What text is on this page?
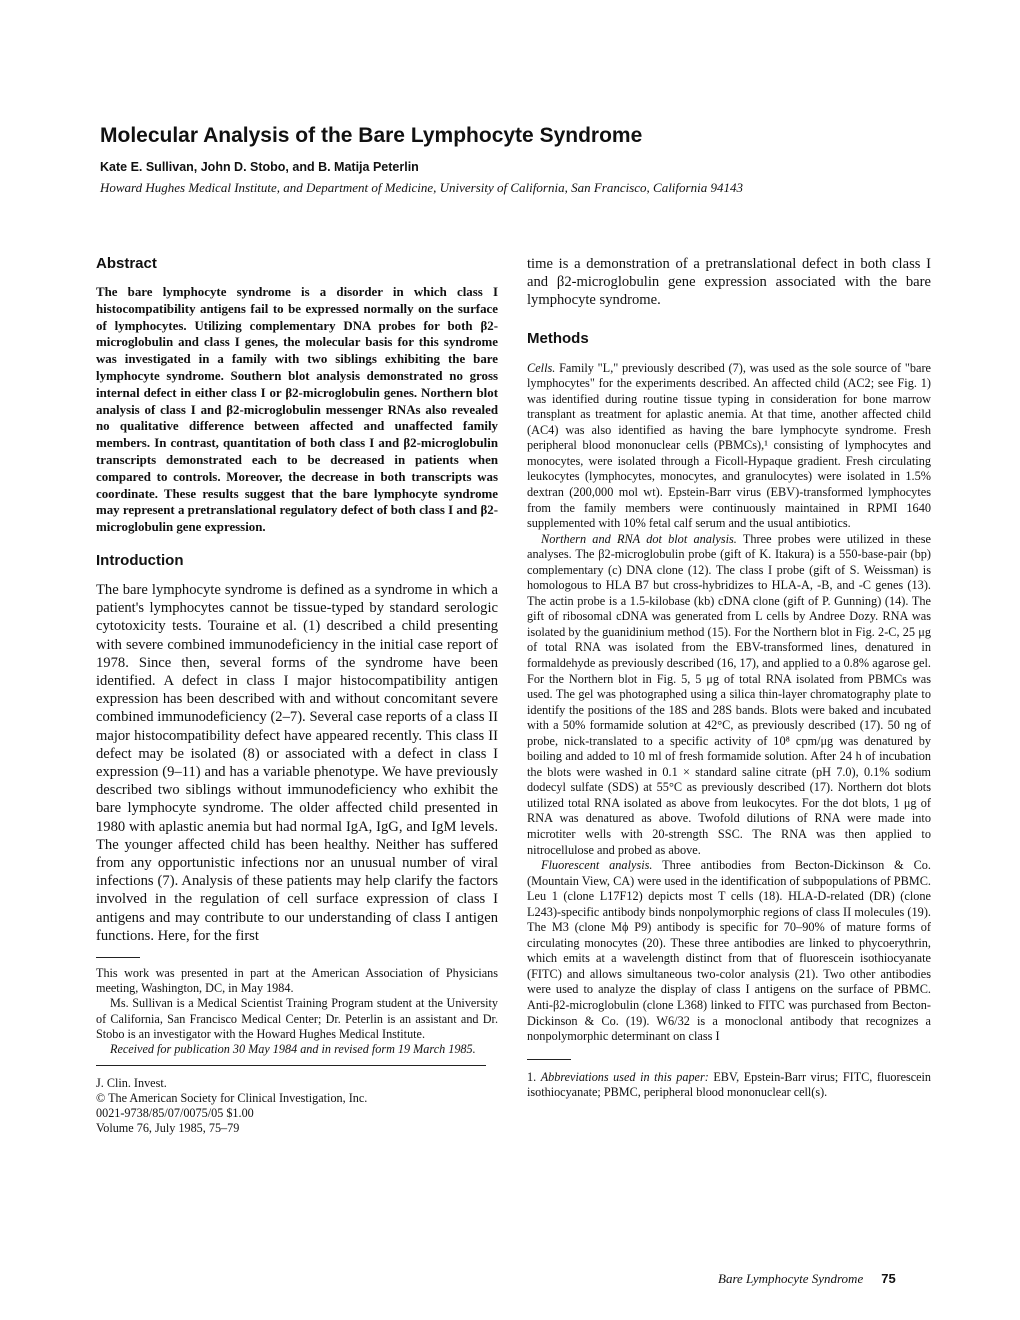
Molecular Analysis of the Bare Lymphocyte Syndrome
Kate E. Sullivan, John D. Stobo, and B. Matija Peterlin
Howard Hughes Medical Institute, and Department of Medicine, University of California, San Francisco, California 94143
Abstract

The bare lymphocyte syndrome is a disorder in which class I histocompatibility antigens fail to be expressed normally on the surface of lymphocytes. Utilizing complementary DNA probes for both β2-microglobulin and class I genes, the molecular basis for this syndrome was investigated in a family with two siblings exhibiting the bare lymphocyte syndrome. Southern blot analysis demonstrated no gross internal defect in either class I or β2-microglobulin genes. Northern blot analysis of class I and β2-microglobulin messenger RNAs also revealed no qualitative difference between affected and unaffected family members. In contrast, quantitation of both class I and β2-microglobulin transcripts demonstrated each to be decreased in patients when compared to controls. Moreover, the decrease in both transcripts was coordinate. These results suggest that the bare lymphocyte syndrome may represent a pretranslational regulatory defect of both class I and β2-microglobulin gene expression.

Introduction

The bare lymphocyte syndrome is defined as a syndrome in which a patient's lymphocytes cannot be tissue-typed by standard serologic cytotoxicity tests. Touraine et al. (1) described a child presenting with severe combined immunodeficiency in the initial case report of 1978. Since then, several forms of the syndrome have been identified. A defect in class I major histocompatibility antigen expression has been described with and without concomitant severe combined immunodeficiency (2–7). Several case reports of a class II major histocompatibility defect have appeared recently. This class II defect may be isolated (8) or associated with a defect in class I expression (9–11) and has a variable phenotype. We have previously described two siblings without immunodeficiency who exhibit the bare lymphocyte syndrome. The older affected child presented in 1980 with aplastic anemia but had normal IgA, IgG, and IgM levels. The younger affected child has been healthy. Neither has suffered from any opportunistic infections nor an unusual number of viral infections (7). Analysis of these patients may help clarify the factors involved in the regulation of cell surface expression of class I antigens and may contribute to our understanding of class I antigen functions. Here, for the first

This work was presented in part at the American Association of Physicians meeting, Washington, DC, in May 1984.

Ms. Sullivan is a Medical Scientist Training Program student at the University of California, San Francisco Medical Center; Dr. Peterlin is an assistant and Dr. Stobo is an investigator with the Howard Hughes Medical Institute.

Received for publication 30 May 1984 and in revised form 19 March 1985.

J. Clin. Invest.

© The American Society for Clinical Investigation, Inc.

0021-9738/85/07/0075/05 $1.00

Volume 76, July 1985, 75–79

time is a demonstration of a pretranslational defect in both class I and β2-microglobulin gene expression associated with the bare lymphocyte syndrome.

Methods

Cells. Family "L," previously described (7), was used as the sole source of "bare lymphocytes" for the experiments described. An affected child (AC2; see Fig. 1) was identified during routine tissue typing in consideration for bone marrow transplant as treatment for aplastic anemia. At that time, another affected child (AC4) was also identified as having the bare lymphocyte syndrome. Fresh peripheral blood mononuclear cells (PBMCs),¹ consisting of lymphocytes and monocytes, were isolated through a Ficoll-Hypaque gradient. Fresh circulating leukocytes (lymphocytes, monocytes, and granulocytes) were isolated in 1.5% dextran (200,000 mol wt). Epstein-Barr virus (EBV)-transformed lymphocytes from the family members were continuously maintained in RPMI 1640 supplemented with 10% fetal calf serum and the usual antibiotics.

Northern and RNA dot blot analysis. Three probes were utilized in these analyses. The β2-microglobulin probe (gift of K. Itakura) is a 550-base-pair (bp) complementary (c) DNA clone (12). The class I probe (gift of S. Weissman) is homologous to HLA B7 but cross-hybridizes to HLA-A, -B, and -C genes (13). The actin probe is a 1.5-kilobase (kb) cDNA clone (gift of P. Gunning) (14). The gift of ribosomal cDNA was generated from L cells by Andree Dozy. RNA was isolated by the guanidinium method (15). For the Northern blot in Fig. 2-C, 25 μg of total RNA was isolated from the EBV-transformed lines, denatured in formaldehyde as previously described (16, 17), and applied to a 0.8% agarose gel. For the Northern blot in Fig. 5, 5 μg of total RNA isolated from PBMCs was used. The gel was photographed using a silica thin-layer chromatography plate to identify the positions of the 18S and 28S bands. Blots were baked and incubated with a 50% formamide solution at 42°C, as previously described (17). 50 ng of probe, nick-translated to a specific activity of 10⁸ cpm/μg was denatured by boiling and added to 10 ml of fresh formamide solution. After 24 h of incubation the blots were washed in 0.1 × standard saline citrate (pH 7.0), 0.1% sodium dodecyl sulfate (SDS) at 55°C as previously described (17). Northern dot blots utilized total RNA isolated as above from leukocytes. For the dot blots, 1 μg of RNA was denatured as above. Twofold dilutions of RNA were made into microtiter wells with 20-strength SSC. The RNA was then applied to nitrocellulose and probed as above.

Fluorescent analysis. Three antibodies from Becton-Dickinson & Co. (Mountain View, CA) were used in the identification of subpopulations of PBMC. Leu 1 (clone L17F12) depicts most T cells (18). HLA-D-related (DR) (clone L243)-specific antibody binds nonpolymorphic regions of class II molecules (19). The M3 (clone Mϕ P9) antibody is specific for 70–90% of mature forms of circulating monocytes (20). These three antibodies are linked to phycoerythrin, which emits at a wavelength distinct from that of fluorescein isothiocyanate (FITC) and allows simultaneous two-color analysis (21). Two other antibodies were used to analyze the display of class I antigens on the surface of PBMC. Anti-β2-microglobulin (clone L368) linked to FITC was purchased from Becton-Dickinson & Co. (19). W6/32 is a monoclonal antibody that recognizes a nonpolymorphic determinant on class I

1. Abbreviations used in this paper: EBV, Epstein-Barr virus; FITC, fluorescein isothiocyanate; PBMC, peripheral blood mononuclear cell(s).

Bare Lymphocyte Syndrome 75
